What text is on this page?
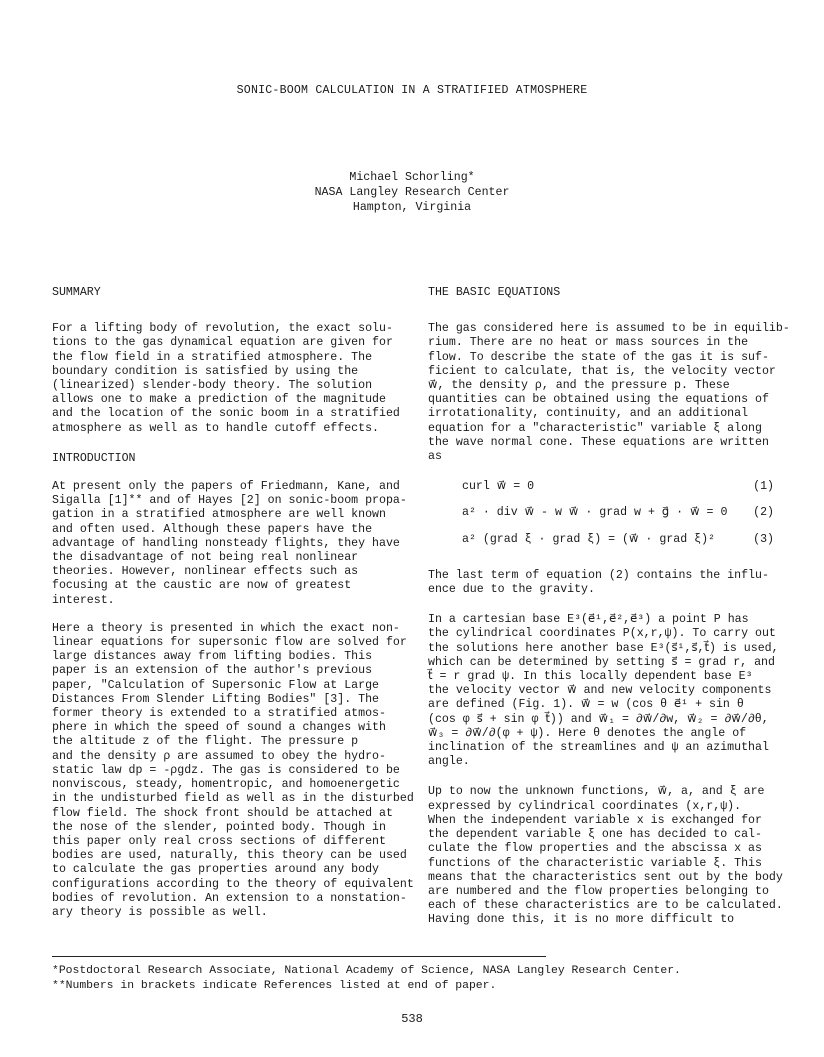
SONIC-BOOM CALCULATION IN A STRATIFIED ATMOSPHERE
Michael Schorling*
NASA Langley Research Center
Hampton, Virginia
SUMMARY
For a lifting body of revolution, the exact solu-
tions to the gas dynamical equation are given for
the flow field in a stratified atmosphere. The
boundary condition is satisfied by using the
(linearized) slender-body theory. The solution
allows one to make a prediction of the magnitude
and the location of the sonic boom in a stratified
atmosphere as well as to handle cutoff effects.
INTRODUCTION
At present only the papers of Friedmann, Kane, and
Sigalla [1]** and of Hayes [2] on sonic-boom propa-
gation in a stratified atmosphere are well known
and often used. Although these papers have the
advantage of handling nonsteady flights, they have
the disadvantage of not being real nonlinear
theories. However, nonlinear effects such as
focusing at the caustic are now of greatest
interest.
Here a theory is presented in which the exact non-
linear equations for supersonic flow are solved for
large distances away from lifting bodies. This
paper is an extension of the author's previous
paper, "Calculation of Supersonic Flow at Large
Distances From Slender Lifting Bodies" [3]. The
former theory is extended to a stratified atmos-
phere in which the speed of sound a changes with
the altitude z of the flight. The pressure p
and the density ρ are assumed to obey the hydro-
static law dp = -ρgdz. The gas is considered to be
nonviscous, steady, homentropic, and homoenergetic
in the undisturbed field as well as in the disturbed
flow field. The shock front should be attached at
the nose of the slender, pointed body. Though in
this paper only real cross sections of different
bodies are used, naturally, this theory can be used
to calculate the gas properties around any body
configurations according to the theory of equivalent
bodies of revolution. An extension to a nonstation-
ary theory is possible as well.
THE BASIC EQUATIONS
The gas considered here is assumed to be in equilib-
rium. There are no heat or mass sources in the
flow. To describe the state of the gas it is suf-
ficient to calculate, that is, the velocity vector
w⃗, the density ρ, and the pressure p. These
quantities can be obtained using the equations of
irrotationality, continuity, and an additional
equation for a "characteristic" variable ξ along
the wave normal cone. These equations are written
as
curl w⃗ = 0	(1)
a² · div w⃗ - w w⃗ · grad w + g⃗ · w⃗ = 0 (2)
a² (grad ξ · grad ξ) = (w⃗ · grad ξ)²	(3)
The last term of equation (2) contains the influ-
ence due to the gravity.
In a cartesian base E³(e⃗¹,e⃗²,e⃗³) a point P has
the cylindrical coordinates P(x,r,ψ). To carry out
the solutions here another base E³(s⃗¹,s⃗,t⃗) is used,
which can be determined by setting s⃗ = grad r, and
t⃗ = r grad ψ. In this locally dependent base E³
the velocity vector w⃗ and new velocity components
are defined (Fig. 1). w⃗ = w (cos θ e⃗¹ + sin θ
(cos φ s⃗ + sin φ t⃗)) and w⃗₁ = ∂w⃗/∂w, w⃗₂ = ∂w⃗/∂θ,
w⃗₃ = ∂w⃗/∂(φ + ψ). Here θ denotes the angle of
inclination of the streamlines and ψ an azimuthal
angle.
Up to now the unknown functions, w⃗, a, and ξ are
expressed by cylindrical coordinates (x,r,ψ).
When the independent variable x is exchanged for
the dependent variable ξ one has decided to cal-
culate the flow properties and the abscissa x as
functions of the characteristic variable ξ. This
means that the characteristics sent out by the body
are numbered and the flow properties belonging to
each of these characteristics are to be calculated.
Having done this, it is no more difficult to
*Postdoctoral Research Associate, National Academy of Science, NASA Langley Research Center.
**Numbers in brackets indicate References listed at end of paper.
538
